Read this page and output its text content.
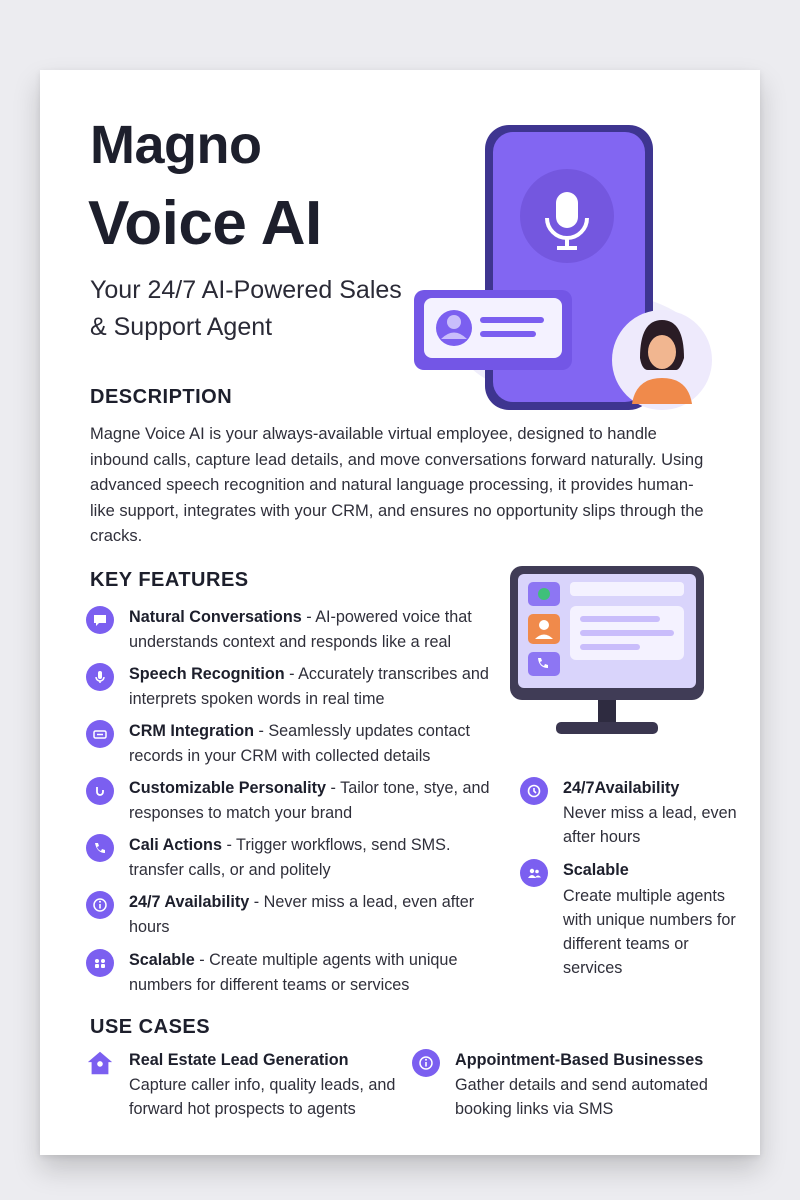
Magno
Voice AI
Your 24/7 AI-Powered Sales & Support Agent
DESCRIPTION
Magne Voice AI is your always-available virtual employee, designed to handle inbound calls, capture lead details, and move conversations forward naturally. Using advanced speech recognition and natural language processing, it provides human-like support, integrates with your CRM, and ensures no opportunity slips through the cracks.
KEY FEATURES
Natural Conversations - AI-powered voice that understands context and responds like a real
Speech Recognition - Accurately transcribes and interprets spoken words in real time
CRM Integration - Seamlessly updates contact records in your CRM with collected details
Customizable Personality - Tailor tone, stye, and responses to match your brand
Cali Actions - Trigger workflows, send SMS. transfer calls, or and politely
24/7 Availability - Never miss a lead, even after hours
Scalable - Create multiple agents with unique numbers for different teams or services
24/7Availability
Never miss a lead, even after hours
Scalable
Create multiple agents with unique numbers for different teams or services
USE CASES
Real Estate Lead Generation
Capture caller info, quality leads, and forward hot prospects to agents
Appointment-Based Businesses
Gather details and send automated booking links via SMS
